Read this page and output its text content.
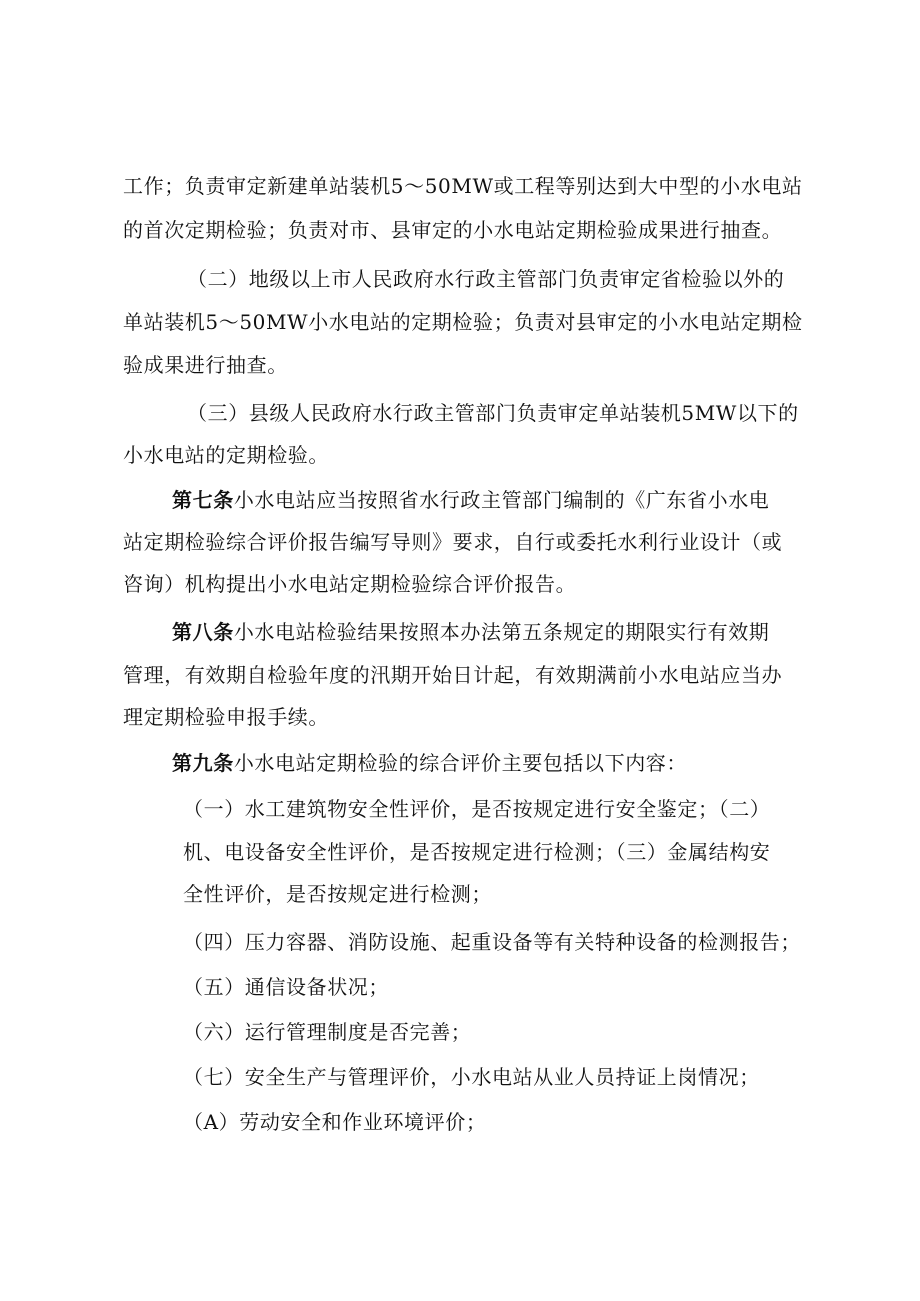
工作；负责审定新建单站装机5～50MW或工程等别达到大中型的小水电站
的首次定期检验；负责对市、县审定的小水电站定期检验成果进行抽查。
（二）地级以上市人民政府水行政主管部门负责审定省检验以外的
单站装机5～50MW小水电站的定期检验；负责对县审定的小水电站定期检
验成果进行抽查。
（三）县级人民政府水行政主管部门负责审定单站装机5MW以下的
小水电站的定期检验。
第七条小水电站应当按照省水行政主管部门编制的《广东省小水电
站定期检验综合评价报告编写导则》要求，自行或委托水利行业设计（或
咨询）机构提出小水电站定期检验综合评价报告。
第八条小水电站检验结果按照本办法第五条规定的期限实行有效期
管理，有效期自检验年度的汛期开始日计起，有效期满前小水电站应当办
理定期检验申报手续。
第九条小水电站定期检验的综合评价主要包括以下内容：
（一）水工建筑物安全性评价，是否按规定进行安全鉴定；（二）
机、电设备安全性评价，是否按规定进行检测；（三）金属结构安
全性评价，是否按规定进行检测；
（四）压力容器、消防设施、起重设备等有关特种设备的检测报告；
（五）通信设备状况；
（六）运行管理制度是否完善；
（七）安全生产与管理评价，小水电站从业人员持证上岗情况；
（A）劳动安全和作业环境评价；
